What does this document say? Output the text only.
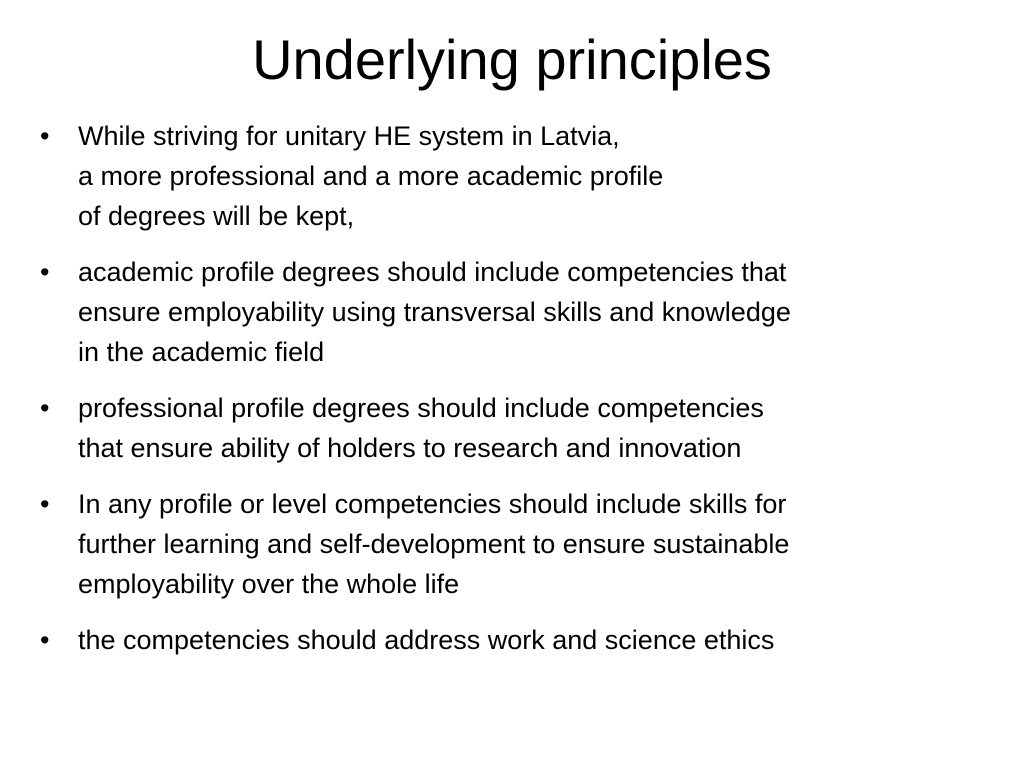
Underlying principles
•	While striving for unitary HE system in Latvia,
a more professional and a more academic profile
of degrees will be kept,
•	academic profile degrees should include competencies that
ensure employability using transversal skills and knowledge
in the academic field
•	professional profile degrees should include competencies
that ensure ability of holders to research and innovation
•	In any profile or level competencies should include skills for
further learning and self-development to ensure sustainable
employability over the whole life
•	the competencies should address work and science ethics
